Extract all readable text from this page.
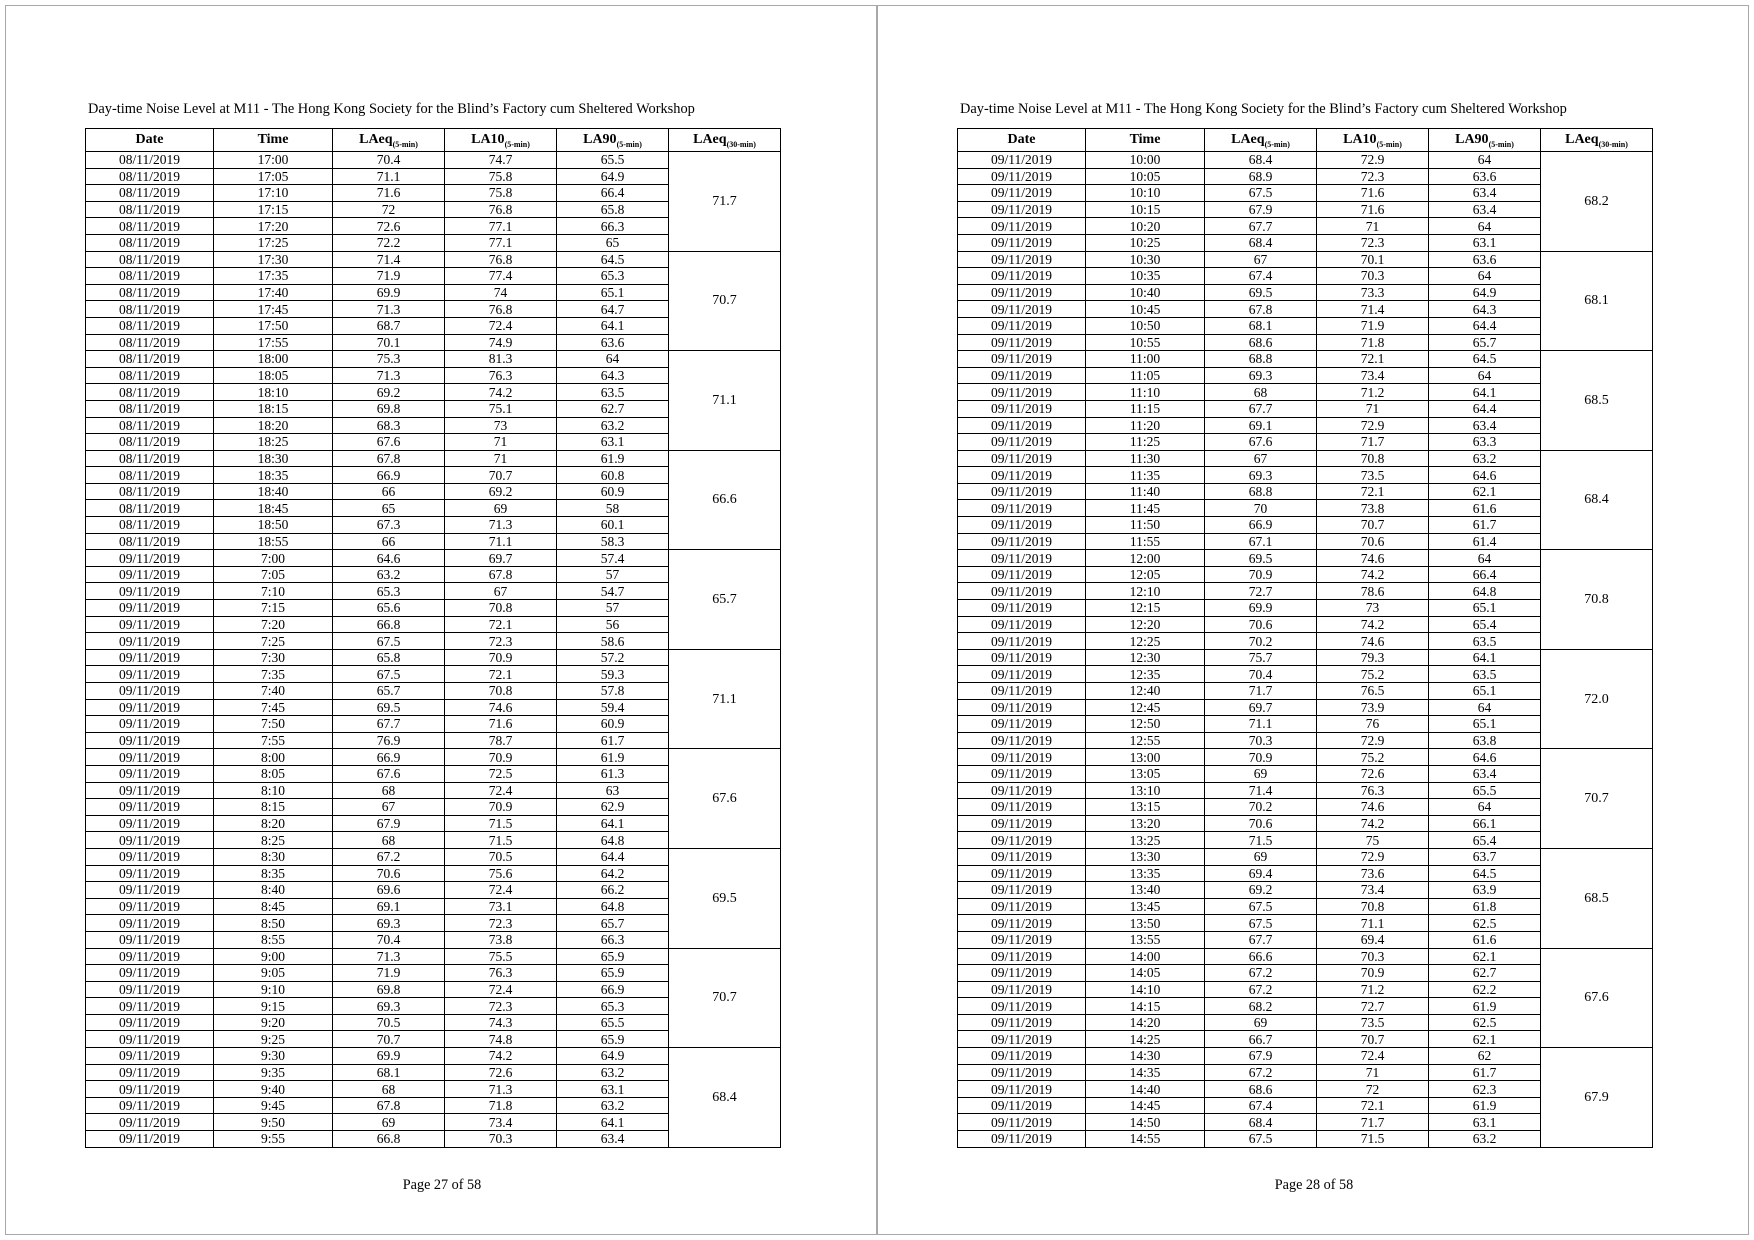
Day-time Noise Level at M11 - The Hong Kong Society for the Blind’s Factory cum Sheltered Workshop
Date	Time	LAeq$_{(5-min)}$	$LA10_{(5-min)}$	$LA90_{(5-min)}$	LAeq$_{(30-min)}$
08/11/2019	17:00	70.4	74.7	65.5	71.7
08/11/2019	17:05	71.1	75.8	64.9	
08/11/2019	17:10	71.6	75.8	66.4	
08/11/2019	17:15	72	76.8	65.8	
08/11/2019	17:20	72.6	77.1	66.3	
08/11/2019	17:25	72.2	77.1	65	
08/11/2019	17:30	71.4	76.8	64.5	70.7
08/11/2019	17:35	71.9	77.4	65.3	
08/11/2019	17:40	69.9	74	65.1	
08/11/2019	17:45	71.3	76.8	64.7	
08/11/2019	17:50	68.7	72.4	64.1	
08/11/2019	17:55	70.1	74.9	63.6	
08/11/2019	18:00	75.3	81.3	64	71.1
08/11/2019	18:05	71.3	76.3	64.3	
08/11/2019	18:10	69.2	74.2	63.5	
08/11/2019	18:15	69.8	75.1	62.7	
08/11/2019	18:20	68.3	73	63.2	
08/11/2019	18:25	67.6	71	63.1	
08/11/2019	18:30	67.8	71	61.9	66.6
08/11/2019	18:35	66.9	70.7	60.8	
08/11/2019	18:40	66	69.2	60.9	
08/11/2019	18:45	65	69	58	
08/11/2019	18:50	67.3	71.3	60.1	
08/11/2019	18:55	66	71.1	58.3	
09/11/2019	7:00	64.6	69.7	57.4	65.7
09/11/2019	7:05	63.2	67.8	57	
09/11/2019	7:10	65.3	67	54.7	
09/11/2019	7:15	65.6	70.8	57	
09/11/2019	7:20	66.8	72.1	56	
09/11/2019	7:25	67.5	72.3	58.6	
09/11/2019	7:30	65.8	70.9	57.2	71.1
09/11/2019	7:35	67.5	72.1	59.3	
09/11/2019	7:40	65.7	70.8	57.8	
09/11/2019	7:45	69.5	74.6	59.4	
09/11/2019	7:50	67.7	71.6	60.9	
09/11/2019	7:55	76.9	78.7	61.7	
09/11/2019	8:00	66.9	70.9	61.9	67.6
09/11/2019	8:05	67.6	72.5	61.3	
09/11/2019	8:10	68	72.4	63	
09/11/2019	8:15	67	70.9	62.9	
09/11/2019	8:20	67.9	71.5	64.1	
09/11/2019	8:25	68	71.5	64.8	
09/11/2019	8:30	67.2	70.5	64.4	69.5
09/11/2019	8:35	70.6	75.6	64.2	
09/11/2019	8:40	69.6	72.4	66.2	
09/11/2019	8:45	69.1	73.1	64.8	
09/11/2019	8:50	69.3	72.3	65.7	
09/11/2019	8:55	70.4	73.8	66.3	
09/11/2019	9:00	71.3	75.5	65.9	70.7
09/11/2019	9:05	71.9	76.3	65.9	
09/11/2019	9:10	69.8	72.4	66.9	
09/11/2019	9:15	69.3	72.3	65.3	
09/11/2019	9:20	70.5	74.3	65.5	
09/11/2019	9:25	70.7	74.8	65.9	
09/11/2019	9:30	69.9	74.2	64.9	68.4
09/11/2019	9:35	68.1	72.6	63.2	
09/11/2019	9:40	68	71.3	63.1	
09/11/2019	9:45	67.8	71.8	63.2	
09/11/2019	9:50	69	73.4	64.1	
09/11/2019	9:55	66.8	70.3	63.4	
Page 27 of 58
Day-time Noise Level at M11 - The Hong Kong Society for the Blind’s Factory cum Sheltered Workshop
Date	Time	LAeq$_{(5-min)}$	$LA10_{(5-min)}$	$LA90_{(5-min)}$	LAeq$_{(30-min)}$
09/11/2019	10:00	68.4	72.9	64	68.2
09/11/2019	10:05	68.9	72.3	63.6	
09/11/2019	10:10	67.5	71.6	63.4	
09/11/2019	10:15	67.9	71.6	63.4	
09/11/2019	10:20	67.7	71	64	
09/11/2019	10:25	68.4	72.3	63.1	
09/11/2019	10:30	67	70.1	63.6	68.1
09/11/2019	10:35	67.4	70.3	64	
09/11/2019	10:40	69.5	73.3	64.9	
09/11/2019	10:45	67.8	71.4	64.3	
09/11/2019	10:50	68.1	71.9	64.4	
09/11/2019	10:55	68.6	71.8	65.7	
09/11/2019	11:00	68.8	72.1	64.5	68.5
09/11/2019	11:05	69.3	73.4	64	
09/11/2019	11:10	68	71.2	64.1	
09/11/2019	11:15	67.7	71	64.4	
09/11/2019	11:20	69.1	72.9	63.4	
09/11/2019	11:25	67.6	71.7	63.3	
09/11/2019	11:30	67	70.8	63.2	68.4
09/11/2019	11:35	69.3	73.5	64.6	
09/11/2019	11:40	68.8	72.1	62.1	
09/11/2019	11:45	70	73.8	61.6	
09/11/2019	11:50	66.9	70.7	61.7	
09/11/2019	11:55	67.1	70.6	61.4	
09/11/2019	12:00	69.5	74.6	64	70.8
09/11/2019	12:05	70.9	74.2	66.4	
09/11/2019	12:10	72.7	78.6	64.8	
09/11/2019	12:15	69.9	73	65.1	
09/11/2019	12:20	70.6	74.2	65.4	
09/11/2019	12:25	70.2	74.6	63.5	
09/11/2019	12:30	75.7	79.3	64.1	72.0
09/11/2019	12:35	70.4	75.2	63.5	
09/11/2019	12:40	71.7	76.5	65.1	
09/11/2019	12:45	69.7	73.9	64	
09/11/2019	12:50	71.1	76	65.1	
09/11/2019	12:55	70.3	72.9	63.8	
09/11/2019	13:00	70.9	75.2	64.6	70.7
09/11/2019	13:05	69	72.6	63.4	
09/11/2019	13:10	71.4	76.3	65.5	
09/11/2019	13:15	70.2	74.6	64	
09/11/2019	13:20	70.6	74.2	66.1	
09/11/2019	13:25	71.5	75	65.4	
09/11/2019	13:30	69	72.9	63.7	68.5
09/11/2019	13:35	69.4	73.6	64.5	
09/11/2019	13:40	69.2	73.4	63.9	
09/11/2019	13:45	67.5	70.8	61.8	
09/11/2019	13:50	67.5	71.1	62.5	
09/11/2019	13:55	67.7	69.4	61.6	
09/11/2019	14:00	66.6	70.3	62.1	67.6
09/11/2019	14:05	67.2	70.9	62.7	
09/11/2019	14:10	67.2	71.2	62.2	
09/11/2019	14:15	68.2	72.7	61.9	
09/11/2019	14:20	69	73.5	62.5	
09/11/2019	14:25	66.7	70.7	62.1	
09/11/2019	14:30	67.9	72.4	62	67.9
09/11/2019	14:35	67.2	71	61.7	
09/11/2019	14:40	68.6	72	62.3	
09/11/2019	14:45	67.4	72.1	61.9	
09/11/2019	14:50	68.4	71.7	63.1	
09/11/2019	14:55	67.5	71.5	63.2	
Page 28 of 58
